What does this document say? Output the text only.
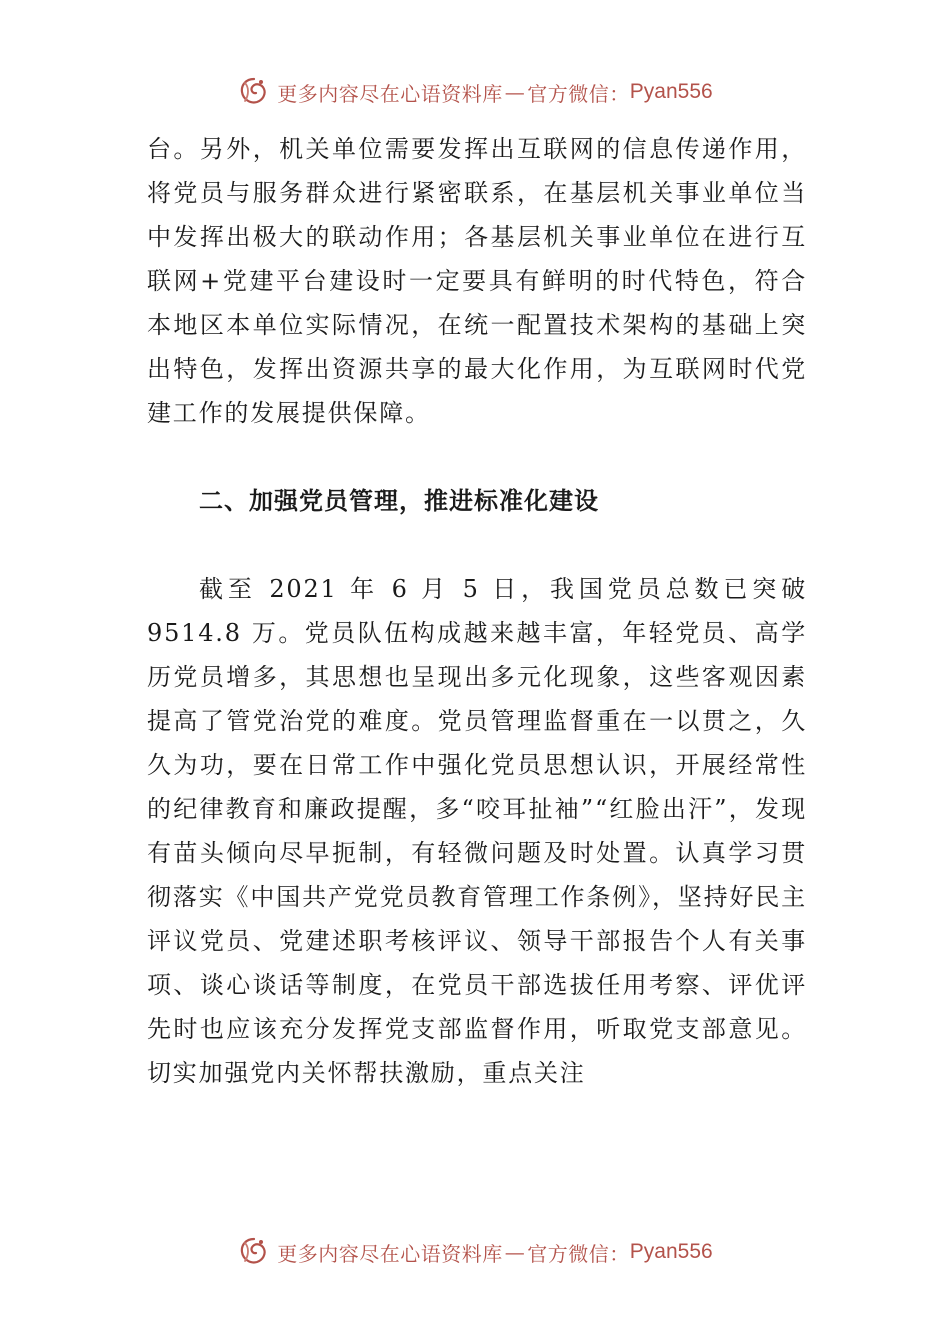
更多内容尽在心语资料库 — 官方微信： Pyan556

台。另外，机关单位需要发挥出互联网的信息传递作用，将党员与服务群众进行紧密联系，在基层机关事业单位当中发挥出极大的联动作用；各基层机关事业单位在进行互联网+党建平台建设时一定要具有鲜明的时代特色，符合本地区本单位实际情况，在统一配置技术架构的基础上突出特色，发挥出资源共享的最大化作用，为互联网时代党建工作的发展提供保障。

二、加强党员管理，推进标准化建设

截至 2021 年 6 月 5 日，我国党员总数已突破 9514.8 万。党员队伍构成越来越丰富，年轻党员、高学历党员增多，其思想也呈现出多元化现象，这些客观因素提高了管党治党的难度。党员管理监督重在一以贯之，久久为功，要在日常工作中强化党员思想认识，开展经常性的纪律教育和廉政提醒，多“咬耳扯袖”“红脸出汗”，发现有苗头倾向尽早扼制，有轻微问题及时处置。认真学习贯彻落实《中国共产党党员教育管理工作条例》，坚持好民主评议党员、党建述职考核评议、领导干部报告个人有关事项、谈心谈话等制度，在党员干部选拔任用考察、评优评先时也应该充分发挥党支部监督作用，听取党支部意见。切实加强党内关怀帮扶激励，重点关注

更多内容尽在心语资料库 — 官方微信： Pyan556
